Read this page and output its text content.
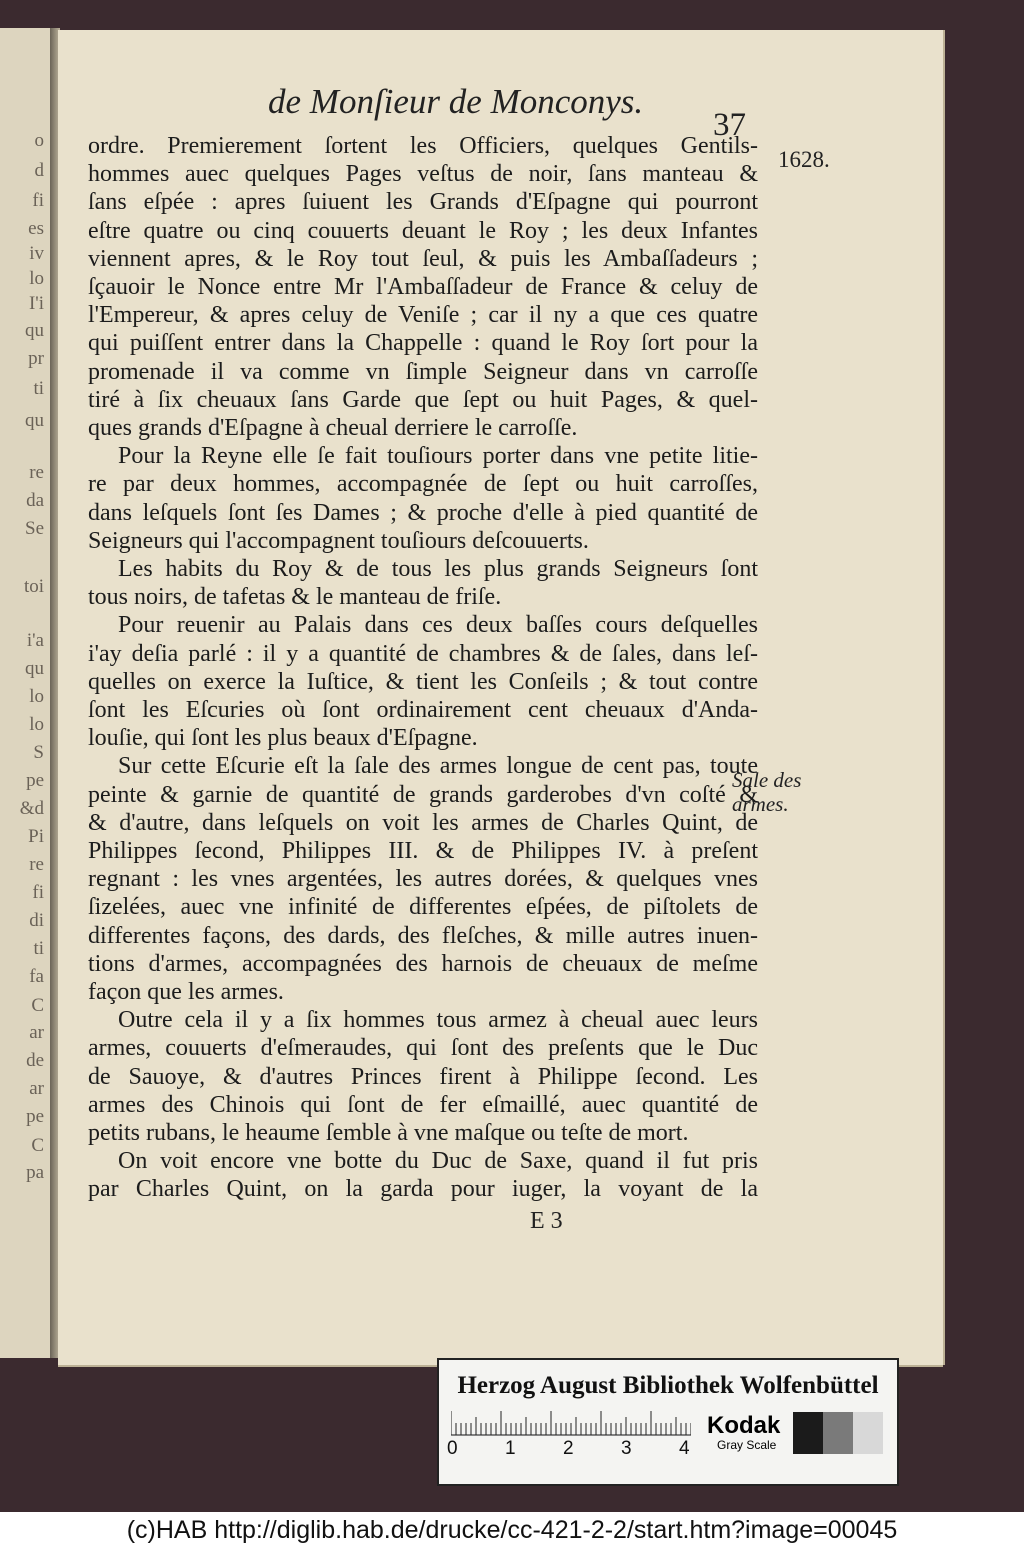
o
d
fi
es
iv
lo
I'i
qu
pr
ti
qu
re
da
Se
toi
i'a
qu
lo
lo
S
pe
&d
Pi
re
fi
di
ti
fa
C
ar
de
ar
pe
C
pa
de Monſieur de Monconys.
37
1628.
Sale des
armes.
ordre. Premierement ſortent les Officiers, quelques Gentils-
hommes auec quelques Pages veſtus de noir, ſans manteau &
ſans eſpée : apres ſuiuent les Grands d'Eſpagne qui pourront
eſtre quatre ou cinq couuerts deuant le Roy ; les deux Infantes
viennent apres, & le Roy tout ſeul, & puis les Ambaſſadeurs ;
ſçauoir le Nonce entre Mr l'Ambaſſadeur de France & celuy de
l'Empereur, & apres celuy de Veniſe ; car il ny a que ces quatre
qui puiſſent entrer dans la Chappelle : quand le Roy ſort pour la
promenade il va comme vn ſimple Seigneur dans vn carroſſe
tiré à ſix cheuaux ſans Garde que ſept ou huit Pages, & quel-
ques grands d'Eſpagne à cheual derriere le carroſſe.
Pour la Reyne elle ſe fait touſiours porter dans vne petite litie-
re par deux hommes, accompagnée de ſept ou huit carroſſes,
dans leſquels ſont ſes Dames ; & proche d'elle à pied quantité de
Seigneurs qui l'accompagnent touſiours deſcouuerts.
Les habits du Roy & de tous les plus grands Seigneurs ſont
tous noirs, de tafetas & le manteau de friſe.
Pour reuenir au Palais dans ces deux baſſes cours deſquelles
i'ay deſia parlé : il y a quantité de chambres & de ſales, dans leſ-
quelles on exerce la Iuſtice, & tient les Conſeils ; & tout contre
ſont les Eſcuries où ſont ordinairement cent cheuaux d'Anda-
louſie, qui ſont les plus beaux d'Eſpagne.
Sur cette Eſcurie eſt la ſale des armes longue de cent pas, toute
peinte & garnie de quantité de grands garderobes d'vn coſté &
& d'autre, dans leſquels on voit les armes de Charles Quint, de
Philippes ſecond, Philippes III. & de Philippes IV. à preſent
regnant : les vnes argentées, les autres dorées, & quelques vnes
ſizelées, auec vne infinité de differentes eſpées, de piſtolets de
differentes façons, des dards, des fleſches, & mille autres inuen-
tions d'armes, accompagnées des harnois de cheuaux de meſme
façon que les armes.
Outre cela il y a ſix hommes tous armez à cheual auec leurs
armes, couuerts d'eſmeraudes, qui ſont des preſents que le Duc
de Sauoye, & d'autres Princes firent à Philippe ſecond. Les
armes des Chinois qui ſont de fer eſmaillé, auec quantité de
petits rubans, le heaume ſemble à vne maſque ou teſte de mort.
On voit encore vne botte du Duc de Saxe, quand il fut pris
par Charles Quint, on la garda pour iuger, la voyant de la
E 3
Herzog August Bibliothek Wolfenbüttel
0 1 2 3 4
Kodak
Gray Scale
(c)HAB http://diglib.hab.de/drucke/cc-421-2-2/start.htm?image=00045
